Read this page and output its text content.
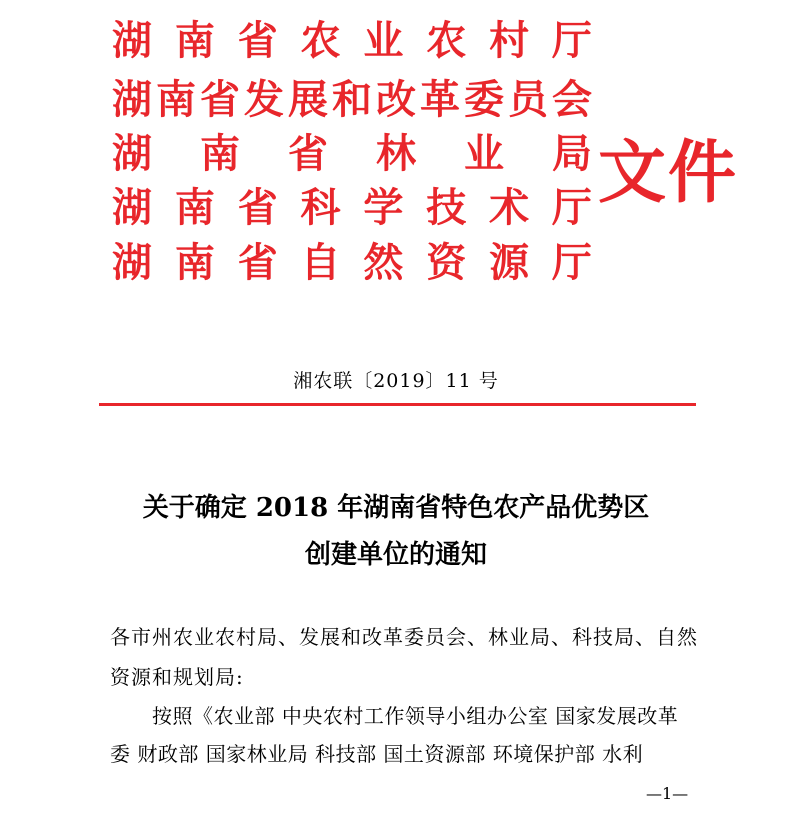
湖 南 省 农 业 农 村 厅
湖 南 省 发 展 和 改 革 委 员 会
湖 南 省 林 业 局
湖 南 省 科 学 技 术 厅
湖 南 省 自 然 资 源 厅
文件
湘农联〔2019〕11 号
关于确定 2018 年湖南省特色农产品优势区
创建单位的通知
各市州农业农村局、发展和改革委员会、林业局、科技局、自然
资源和规划局:
按照《农业部 中央农村工作领导小组办公室 国家发展改革
委 财政部 国家林业局 科技部 国土资源部 环境保护部 水利
—1—
